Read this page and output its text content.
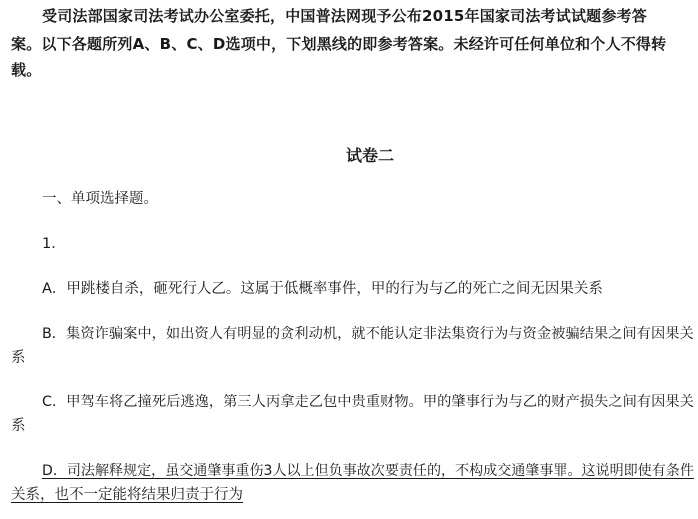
受司法部国家司法考试办公室委托，中国普法网现予公布2015年国家司法考试试题参考答
案。以下各题所列A、B、C、D选项中，下划黑线的即参考答案。未经许可任何单位和个人不得转
载。
试卷二
一、单项选择题。
1．
A．甲跳楼自杀，砸死行人乙。这属于低概率事件，甲的行为与乙的死亡之间无因果关系
B．集资诈骗案中，如出资人有明显的贪利动机，就不能认定非法集资行为与资金被骗结果之间有因果关
系
C．甲驾车将乙撞死后逃逸，第三人丙拿走乙包中贵重财物。甲的肇事行为与乙的财产损失之间有因果关
系
D．司法解释规定，虽交通肇事重伤3人以上但负事故次要责任的，不构成交通肇事罪。这说明即使有条件
关系，也不一定能将结果归责于行为
